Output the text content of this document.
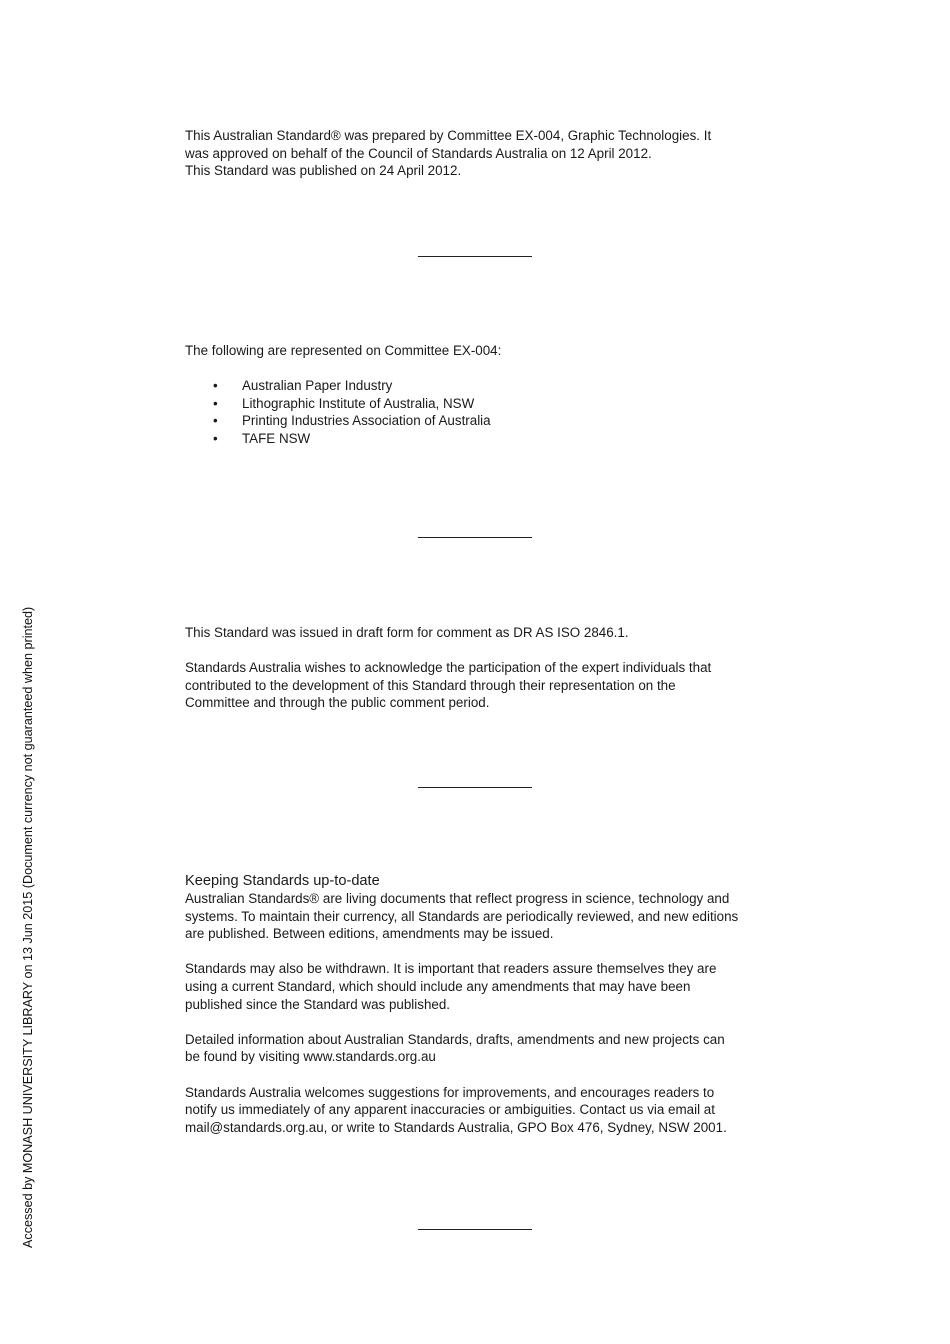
This Australian Standard® was prepared by Committee EX-004, Graphic Technologies. It

was approved on behalf of the Council of Standards Australia on 12 April 2012.

This Standard was published on 24 April 2012.

The following are represented on Committee EX-004:

• Australian Paper Industry
• Lithographic Institute of Australia, NSW
• Printing Industries Association of Australia
• TAFE NSW

This Standard was issued in draft form for comment as DR AS ISO 2846.1.

Standards Australia wishes to acknowledge the participation of the expert individuals that

contributed to the development of this Standard through their representation on the

Committee and through the public comment period.

Keeping Standards up-to-date

Australian Standards® are living documents that reflect progress in science, technology and

systems. To maintain their currency, all Standards are periodically reviewed, and new editions

are published. Between editions, amendments may be issued.

Standards may also be withdrawn. It is important that readers assure themselves they are

using a current Standard, which should include any amendments that may have been

published since the Standard was published.

Detailed information about Australian Standards, drafts, amendments and new projects can

be found by visiting www.standards.org.au

Standards Australia welcomes suggestions for improvements, and encourages readers to

notify us immediately of any apparent inaccuracies or ambiguities. Contact us via email at

mail@standards.org.au, or write to Standards Australia, GPO Box 476, Sydney, NSW 2001.

Accessed by MONASH UNIVERSITY LIBRARY on 13 Jun 2015 (Document currency not guaranteed when printed)
